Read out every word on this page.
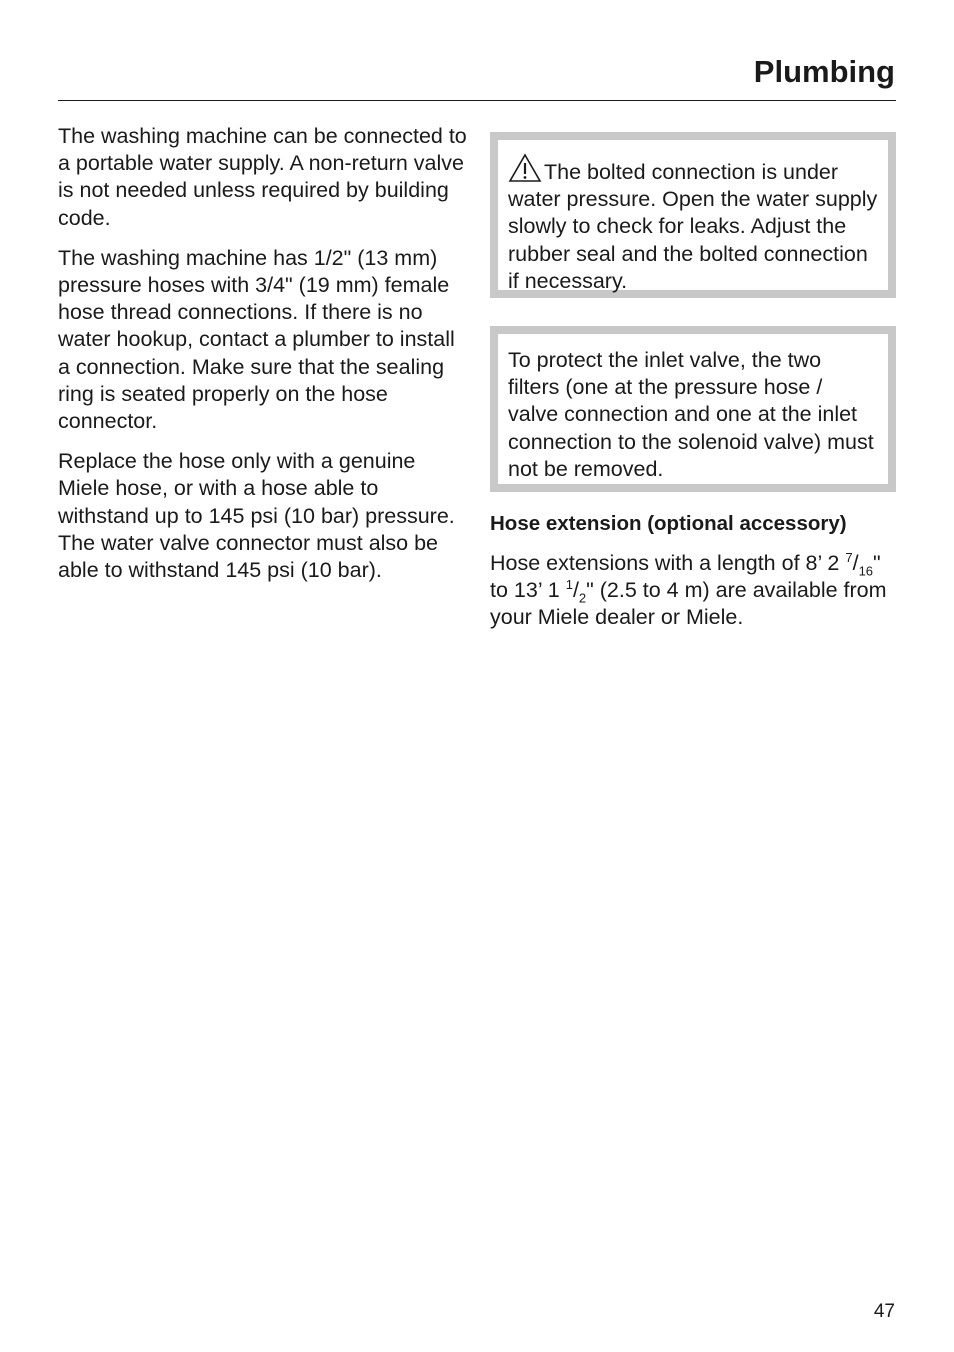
Plumbing

The washing machine can be connected to a portable water supply. A non-return valve is not needed unless required by building code.

The washing machine has 1/2" (13 mm) pressure hoses with 3/4" (19 mm) female hose thread connections. If there is no water hookup, contact a plumber to install a connection. Make sure that the sealing ring is seated properly on the hose connector.

Replace the hose only with a genuine Miele hose, or with a hose able to withstand up to 145 psi (10 bar) pressure. The water valve connector must also be able to withstand 145 psi (10 bar).

The bolted connection is under water pressure. Open the water supply slowly to check for leaks. Adjust the rubber seal and the bolted connection if necessary.

To protect the inlet valve, the two filters (one at the pressure hose / valve connection and one at the inlet connection to the solenoid valve) must not be removed.

Hose extension (optional accessory)

Hose extensions with a length of 8’ 2 $^7/_{16}$" to 13’ 1 $^1/_2$" (2.5 to 4 m) are available from your Miele dealer or Miele.

47
